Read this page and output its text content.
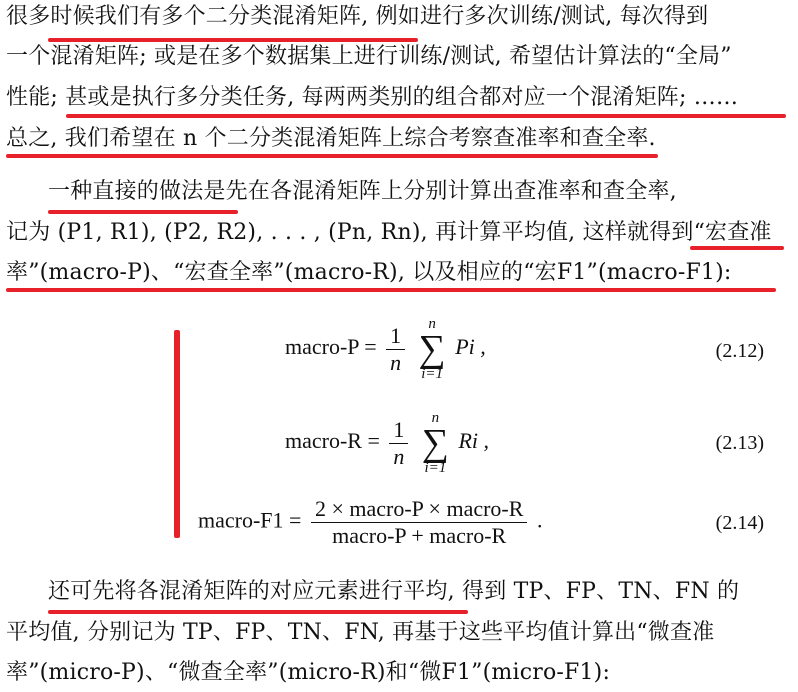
很多时候我们有多个二分类混淆矩阵, 例如进行多次训练/测试, 每次得到
一个混淆矩阵; 或是在多个数据集上进行训练/测试, 希望估计算法的“全局”
性能; 甚或是执行多分类任务, 每两两类别的组合都对应一个混淆矩阵; ……
总之, 我们希望在 n 个二分类混淆矩阵上综合考察查准率和查全率.
一种直接的做法是先在各混淆矩阵上分别计算出查准率和查全率,
记为 (P1, R1), (P2, R2), . . . , (Pn, Rn), 再计算平均值, 这样就得到“宏查准
率”(macro-P)、“宏查全率”(macro-R), 以及相应的“宏F1”(macro-F1):
macro-P = $\frac{1}{n}$
n
∑
i=1
Pi ,	(2.12)
macro-R = $\frac{1}{n}$
n
∑
i=1
Ri ,	(2.13)
macro-F1 = $\frac{\text{2 × macro-P × macro-R}}{\text{macro-P + macro-R}}$ .	(2.14)
还可先将各混淆矩阵的对应元素进行平均, 得到 TP、FP、TN、FN 的
平均值, 分别记为 TP、FP、TN、FN, 再基于这些平均值计算出“微查准
率”(micro-P)、“微查全率”(micro-R)和“微F1”(micro-F1):
